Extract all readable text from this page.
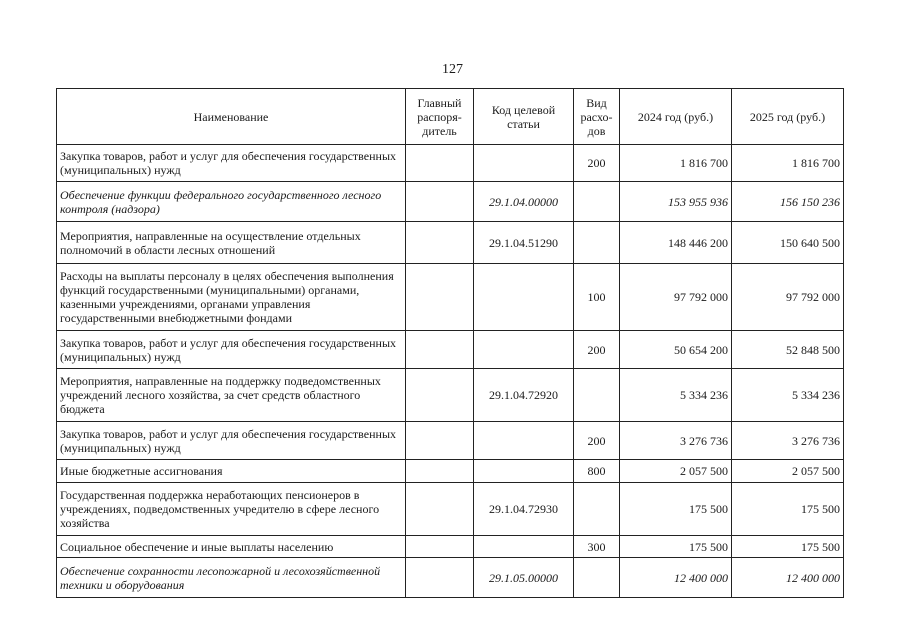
127
Наименование	Главный распоря-дитель	Код целевой статьи	Вид расхо-дов	2024 год (руб.)	2025 год (руб.)
Закупка товаров, работ и услуг для обеспечения государственных (муниципальных) нужд			200	1 816 700	1 816 700
Обеспечение функции федерального государственного лесного контроля (надзора)		29.1.04.00000		153 955 936	156 150 236
Мероприятия, направленные на осуществление отдельных полномочий в области лесных отношений		29.1.04.51290		148 446 200	150 640 500
Расходы на выплаты персоналу в целях обеспечения выполнения функций государственными (муниципальными) органами, казенными учреждениями, органами управления государственными внебюджетными фондами			100	97 792 000	97 792 000
Закупка товаров, работ и услуг для обеспечения государственных (муниципальных) нужд			200	50 654 200	52 848 500
Мероприятия, направленные на поддержку подведомственных учреждений лесного хозяйства, за счет средств областного бюджета		29.1.04.72920		5 334 236	5 334 236
Закупка товаров, работ и услуг для обеспечения государственных (муниципальных) нужд			200	3 276 736	3 276 736
Иные бюджетные ассигнования			800	2 057 500	2 057 500
Государственная поддержка неработающих пенсионеров в учреждениях, подведомственных учредителю в сфере лесного хозяйства		29.1.04.72930		175 500	175 500
Социальное обеспечение и иные выплаты населению			300	175 500	175 500
Обеспечение сохранности лесопожарной и лесохозяйственной техники и оборудования		29.1.05.00000		12 400 000	12 400 000
